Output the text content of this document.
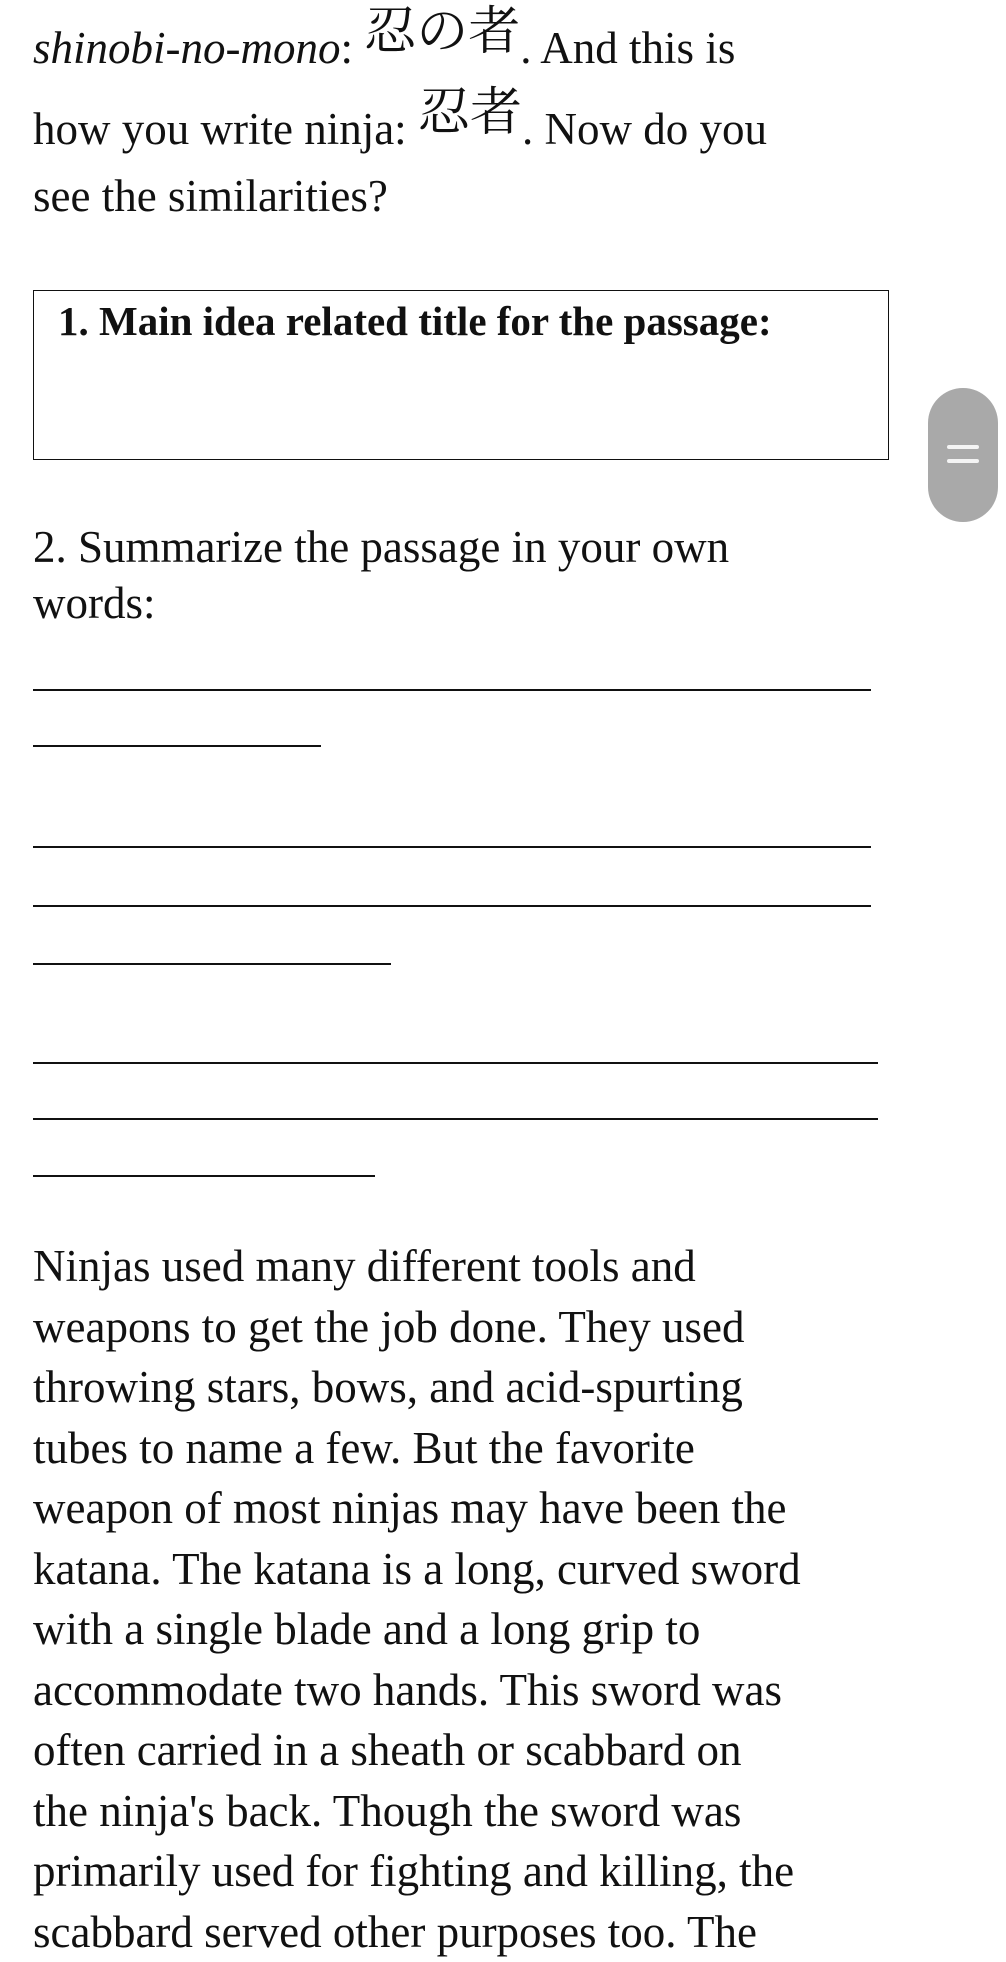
shinobi-no-mono: 忍の者. And this is
how you write ninja: 忍者. Now do you
see the similarities?

1. Main idea related title for the passage:

2. Summarize the passage in your own
words:

Ninjas used many different tools and
weapons to get the job done. They used
throwing stars, bows, and acid-spurting
tubes to name a few. But the favorite
weapon of most ninjas may have been the
katana. The katana is a long, curved sword
with a single blade and a long grip to
accommodate two hands. This sword was
often carried in a sheath or scabbard on
the ninja's back. Though the sword was
primarily used for fighting and killing, the
scabbard served other purposes too. The
